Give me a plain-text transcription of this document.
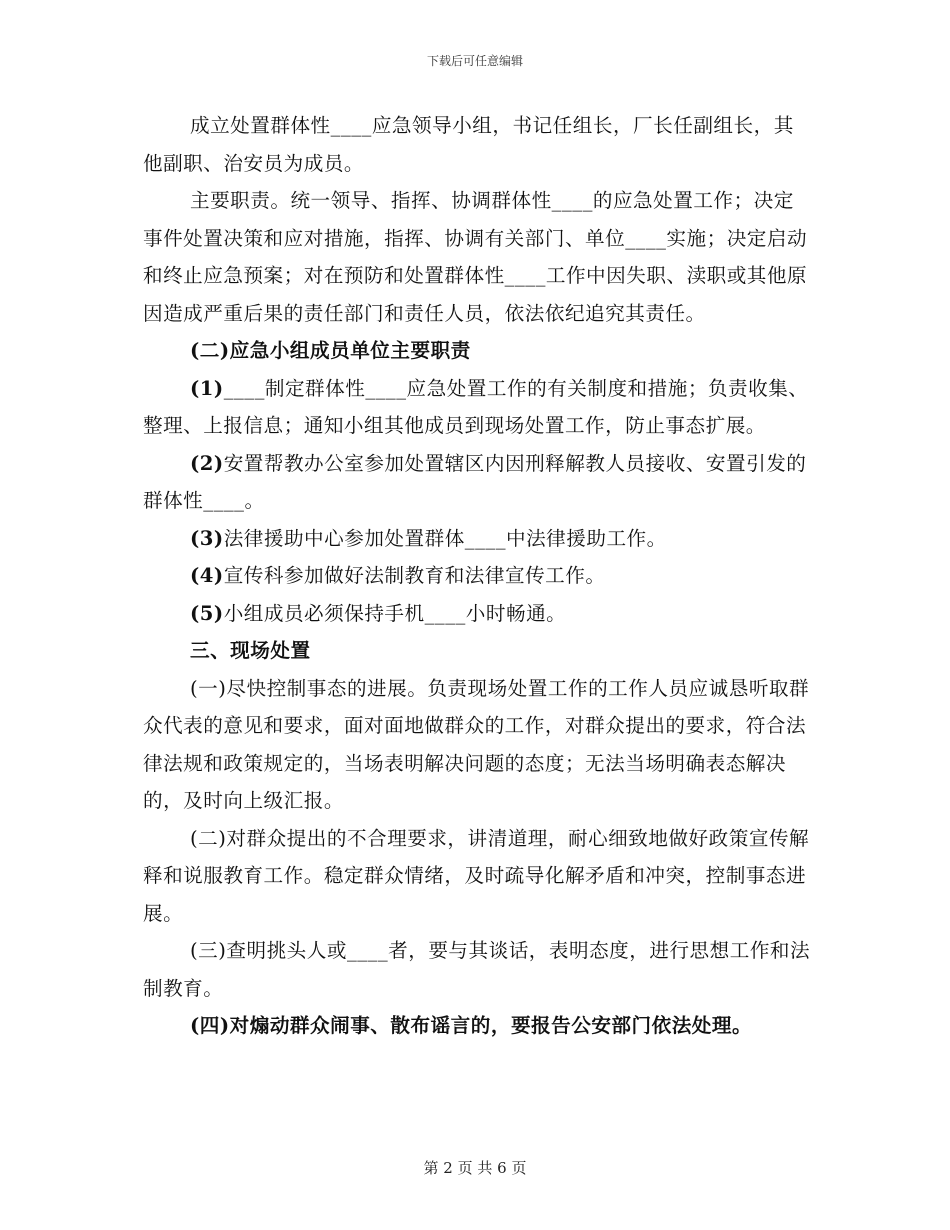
下载后可任意编辑

成立处置群体性____应急领导小组，书记任组长，厂长任副组长，其他副职、治安员为成员。

主要职责。统一领导、指挥、协调群体性____的应急处置工作；决定事件处置决策和应对措施，指挥、协调有关部门、单位____实施；决定启动和终止应急预案；对在预防和处置群体性____工作中因失职、渎职或其他原因造成严重后果的责任部门和责任人员，依法依纪追究其责任。

(二)应急小组成员单位主要职责

(1)____制定群体性____应急处置工作的有关制度和措施；负责收集、整理、上报信息；通知小组其他成员到现场处置工作，防止事态扩展。

(2)安置帮教办公室参加处置辖区内因刑释解教人员接收、安置引发的群体性____。

(3)法律援助中心参加处置群体____中法律援助工作。

(4)宣传科参加做好法制教育和法律宣传工作。

(5)小组成员必须保持手机____小时畅通。

三、现场处置

(一)尽快控制事态的进展。负责现场处置工作的工作人员应诚恳听取群众代表的意见和要求，面对面地做群众的工作，对群众提出的要求，符合法律法规和政策规定的，当场表明解决问题的态度；无法当场明确表态解决的，及时向上级汇报。

(二)对群众提出的不合理要求，讲清道理，耐心细致地做好政策宣传解释和说服教育工作。稳定群众情绪，及时疏导化解矛盾和冲突，控制事态进展。

(三)查明挑头人或____者，要与其谈话，表明态度，进行思想工作和法制教育。

(四)对煽动群众闹事、散布谣言的，要报告公安部门依法处理。

第 2 页 共 6 页
